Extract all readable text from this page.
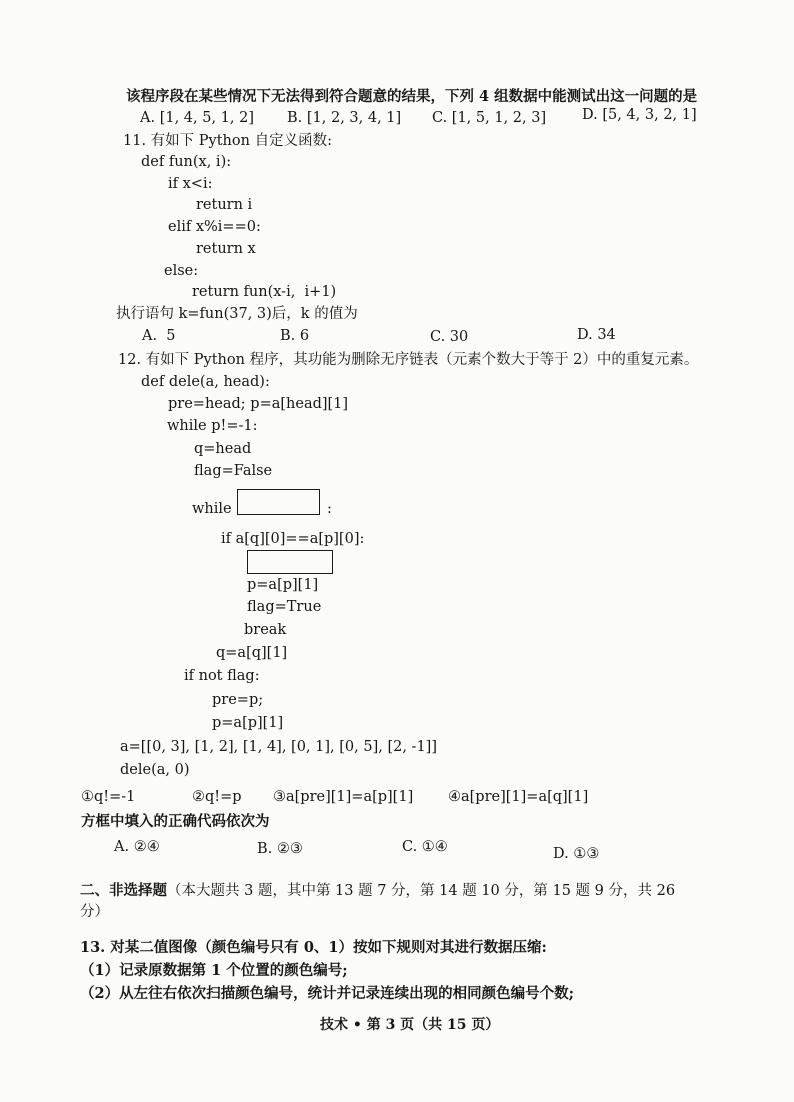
该程序段在某些情况下无法得到符合题意的结果，下列 4 组数据中能测试出这一问题的是
A. [1, 4, 5, 1, 2] B. [1, 2, 3, 4, 1] C. [1, 5, 1, 2, 3] D. [5, 4, 3, 2, 1]
11. 有如下 Python 自定义函数:
def fun(x, i):
if x<i:
return i
elif x%i==0:
return x
else:
return fun(x-i,  i+1)
执行语句 k=fun(37, 3)后，k 的值为
A.  5	B. 6	C. 30	D. 34
12. 有如下 Python 程序，其功能为删除无序链表（元素个数大于等于 2）中的重复元素。
def dele(a, head):
pre=head; p=a[head][1]
while p!=-1:
q=head
flag=False
while	:
if a[q][0]==a[p][0]:
p=a[p][1]
flag=True
break
q=a[q][1]
if not flag:
pre=p;
p=a[p][1]
a=[[0, 3], [1, 2], [1, 4], [0, 1], [0, 5], [2, -1]]
dele(a, 0)
①q!=-1	②q!=p ③a[pre][1]=a[p][1] ④a[pre][1]=a[q][1]
方框中填入的正确代码依次为
A. ②④	B. ②③	C. ①④	D. ①③
二、非选择题（本大题共 3 题，其中第 13 题 7 分，第 14 题 10 分，第 15 题 9 分，共 26
分）
13. 对某二值图像（颜色编号只有 0、1）按如下规则对其进行数据压缩:
（1）记录原数据第 1 个位置的颜色编号;
（2）从左往右依次扫描颜色编号，统计并记录连续出现的相同颜色编号个数;
技术 • 第 3 页（共 15 页）
